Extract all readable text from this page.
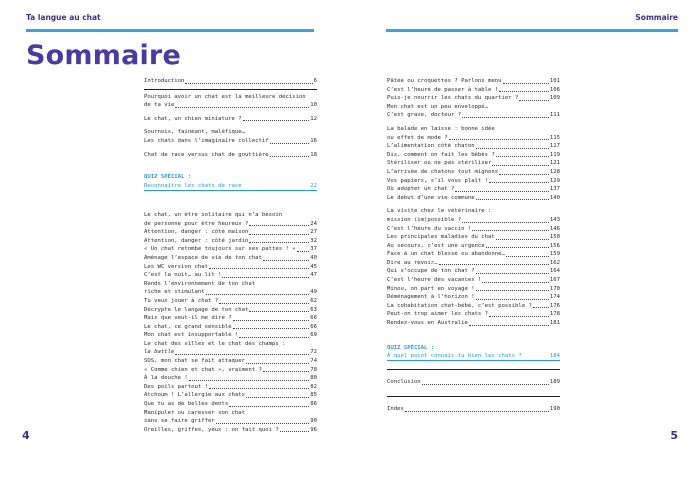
Ta langue au chat
Sommaire
Introduction	6
Pourquoi avoir un chat est la meilleure décision
de ta vie	10
Le chat, un chien miniature ?	12
Sournois, fainéant, maléfique…
Les chats dans l’imaginaire collectif	16
Chat de race versus chat de gouttière	18
QUIZ SPÉCIAL :
Reconnaître les chats de race	22
Le chat, un être solitaire qui n’a besoin
de personne pour être heureux ?	24
Attention, danger : côté maison	27
Attention, danger : côté jardin	32
« Un chat retombe toujours sur ses pattes ! »	37
Aménage l’espace de vie de ton chat	40
Les WC version chat	45
C’est la nuit… au lit !	47
Rends l’environnement de ton chat
riche et stimulant	49
Tu veux jouer à chat ?	62
Décrypte le langage de ton chat	63
Mais que veut-il me dire ?	66
Le chat, ce grand sensible	66
Mon chat est insupportable !	69
Le chat des villes et le chat des champs :
la battle	72
SOS, mon chat se fait attaquer	74
« Comme chien et chat », vraiment ?	78
À la douche !	80
Des poils partout !	82
Atchoum ! L’allergie aux chats	85
Que tu as de belles dents	86
Manipuler ou caresser son chat
sans se faire griffer	90
Oreilles, griffes, yeux : on fait quoi ?	96
4
Sommaire
Pâtée ou croquettes ? Parlons menu	101
C’est l’heure de passer à table !	106
Puis-je nourrir les chats du quartier ?	109
Mon chat est un peu enveloppé…
C’est grave, docteur ?	111
La balade en laisse : bonne idée
ou effet de mode ?	115
L’alimentation côté chaton	117
Dis, comment on fait les bébés ?	119
Stériliser ou ne pas stériliser	121
L’arrivée de chatons tout mignons	128
Vos papiers, s’il vous plaît !	129
Où adopter un chat ?	137
Le début d’une vie commune	140
La visite chez le vétérinaire :
mission (im)possible ?	143
C’est l’heure du vaccin !	146
Les principales maladies du chat	150
Au secours, c’est une urgence	156
Face à un chat blessé ou abandonné…	159
Dire au revoir…	162
Qui s’occupe de ton chat ?	164
C’est l’heure des vacances !	167
Minou, on part en voyage !	170
Déménagement à l’horizon !	174
La cohabitation chat-bébé, c’est possible ?	176
Peut-on trop aimer les chats ?	178
Rendez-vous en Australie	181
QUIZ SPÉCIAL :
À quel point connais-tu bien les chats ?	184
Conclusion	189
Index	190
5
